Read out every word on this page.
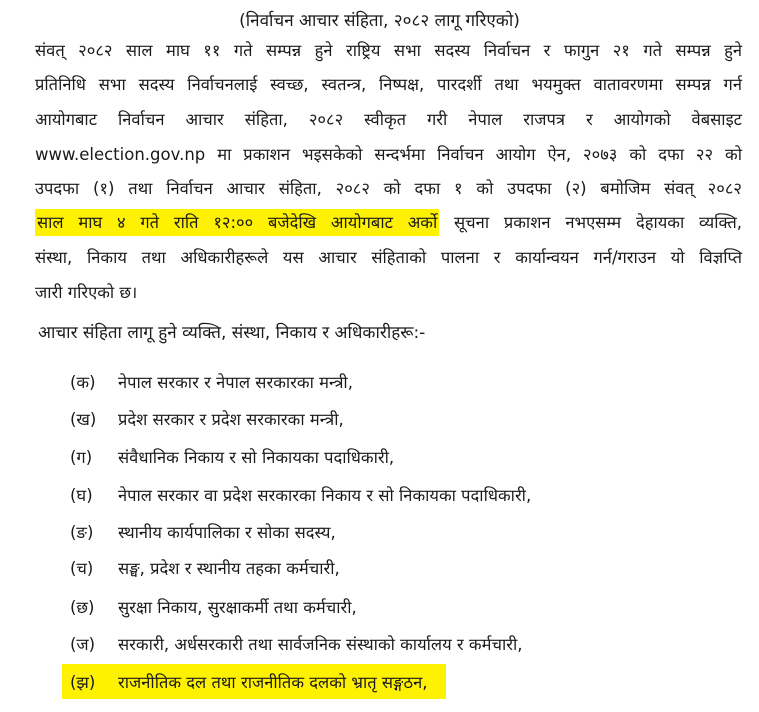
(निर्वाचन आचार संहिता, २०८२ लागू गरिएको)
संवत् २०८२ साल माघ ११ गते सम्पन्न हुने राष्ट्रिय सभा सदस्य निर्वाचन र फागुन २१ गते सम्पन्न हुने
प्रतिनिधि सभा सदस्य निर्वाचनलाई स्वच्छ, स्वतन्त्र, निष्पक्ष, पारदर्शी तथा भयमुक्त वातावरणमा सम्पन्न गर्न
आयोगबाट निर्वाचन आचार संहिता, २०८२ स्वीकृत गरी नेपाल राजपत्र र आयोगको वेबसाइट
www.election.gov.np मा प्रकाशन भइसकेको सन्दर्भमा निर्वाचन आयोग ऐन, २०७३ को दफा २२ को
उपदफा (१) तथा निर्वाचन आचार संहिता, २०८२ को दफा १ को उपदफा (२) बमोजिम संवत् २०८२
साल माघ ४ गते राति १२:०० बजेदेखि आयोगबाट अर्को सूचना प्रकाशन नभएसम्म देहायका व्यक्ति,
संस्था, निकाय तथा अधिकारीहरूले यस आचार संहिताको पालना र कार्यान्वयन गर्न/गराउन यो विज्ञप्ति
जारी गरिएको छ।
आचार संहिता लागू हुने व्यक्ति, संस्था, निकाय र अधिकारीहरू:-
(क) नेपाल सरकार र नेपाल सरकारका मन्त्री,
(ख) प्रदेश सरकार र प्रदेश सरकारका मन्त्री,
(ग) संवैधानिक निकाय र सो निकायका पदाधिकारी,
(घ) नेपाल सरकार वा प्रदेश सरकारका निकाय र सो निकायका पदाधिकारी,
(ङ) स्थानीय कार्यपालिका र सोका सदस्य,
(च) सङ्घ, प्रदेश र स्थानीय तहका कर्मचारी,
(छ) सुरक्षा निकाय, सुरक्षाकर्मी तथा कर्मचारी,
(ज) सरकारी, अर्धसरकारी तथा सार्वजनिक संस्थाको कार्यालय र कर्मचारी,
(झ) राजनीतिक दल तथा राजनीतिक दलको भ्रातृ सङ्गठन,
